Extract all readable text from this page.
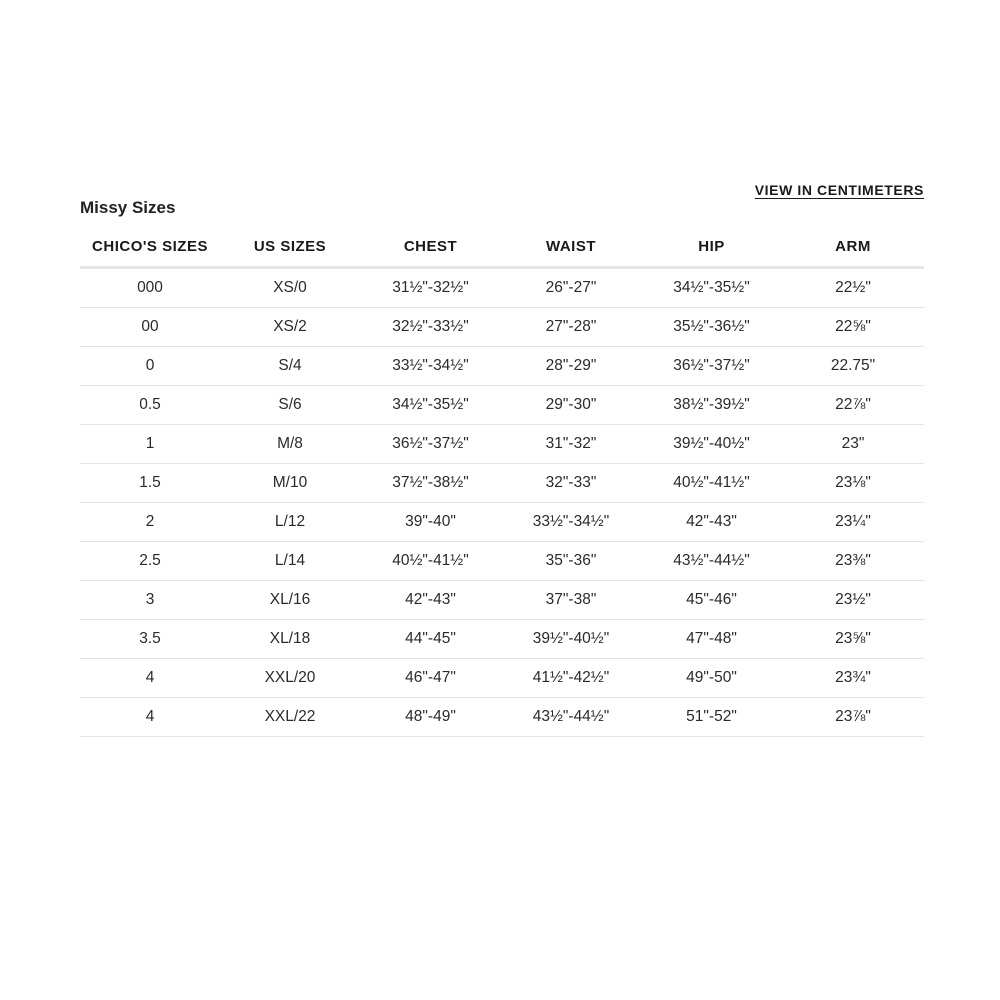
VIEW IN CENTIMETERS
Missy Sizes
CHICO'S SIZES	US SIZES	CHEST	WAIST	HIP	ARM
000	XS/0	31½"-32½"	26"-27"	34½"-35½"	22½"
00	XS/2	32½"-33½"	27"-28"	35½"-36½"	22⅝"
0	S/4	33½"-34½"	28"-29"	36½"-37½"	22.75"
0.5	S/6	34½"-35½"	29"-30"	38½"-39½"	22⅞"
1	M/8	36½"-37½"	31"-32"	39½"-40½"	23"
1.5	M/10	37½"-38½"	32"-33"	40½"-41½"	23⅛"
2	L/12	39"-40"	33½"-34½"	42"-43"	23¼"
2.5	L/14	40½"-41½"	35"-36"	43½"-44½"	23⅜"
3	XL/16	42"-43"	37"-38"	45"-46"	23½"
3.5	XL/18	44"-45"	39½"-40½"	47"-48"	23⅝"
4	XXL/20	46"-47"	41½"-42½"	49"-50"	23¾"
4	XXL/22	48"-49"	43½"-44½"	51"-52"	23⅞"
